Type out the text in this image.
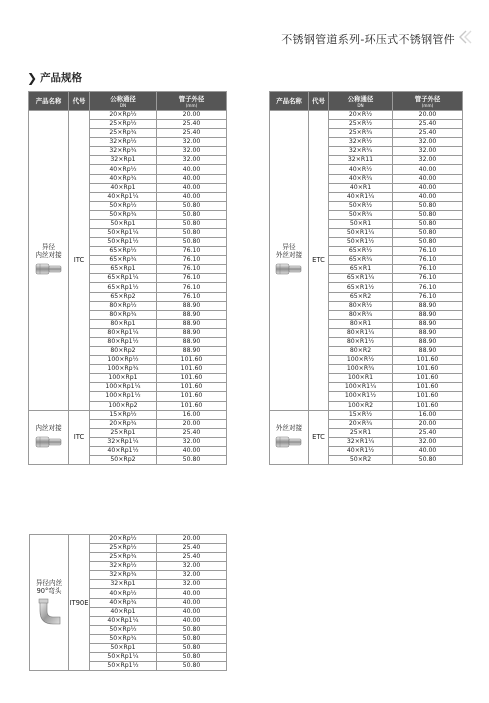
不锈钢管道系列-环压式不锈钢管件
❯ 产品规格
产品名称	代号	公称通径
DN	管子外径
(mm)

异径
内丝对接	ITC	20×Rp½	20.00
		25×Rp½	25.40
		25×Rp¾	25.40
		32×Rp½	32.00
		32×Rp¾	32.00
		32×Rp1	32.00
		40×Rp½	40.00
		40×Rp¾	40.00
		40×Rp1	40.00
		40×Rp1¼	40.00
		50×Rp½	50.80
		50×Rp¾	50.80
		50×Rp1	50.80
		50×Rp1¼	50.80
		50×Rp1½	50.80
		65×Rp½	76.10
		65×Rp¾	76.10
		65×Rp1	76.10
		65×Rp1¼	76.10
		65×Rp1½	76.10
		65×Rp2	76.10
		80×Rp½	88.90
		80×Rp¾	88.90
		80×Rp1	88.90
		80×Rp1¼	88.90
		80×Rp1½	88.90
		80×Rp2	88.90
		100×Rp½	101.60
		100×Rp¾	101.60
		100×Rp1	101.60
		100×Rp1¼	101.60
		100×Rp1½	101.60
		100×Rp2	101.60

内丝对接	ITC	15×Rp½	16.00
		20×Rp¾	20.00
		25×Rp1	25.40
		32×Rp1¼	32.00
		40×Rp1½	40.00
		50×Rp2	50.80
产品名称	代号	公称通径
DN	管子外径
(mm)

异径
外丝对接	ETC	20×R½	20.00
		25×R½	25.40
		25×R¾	25.40
		32×R½	32.00
		32×R¾	32.00
		32×R11	32.00
		40×R½	40.00
		40×R¾	40.00
		40×R1	40.00
		40×R1¼	40.00
		50×R½	50.80
		50×R¾	50.80
		50×R1	50.80
		50×R1¼	50.80
		50×R1½	50.80
		65×R½	76.10
		65×R¾	76.10
		65×R1	76.10
		65×R1¼	76.10
		65×R1½	76.10
		65×R2	76.10
		80×R½	88.90
		80×R¾	88.90
		80×R1	88.90
		80×R1¼	88.90
		80×R1½	88.90
		80×R2	88.90
		100×R½	101.60
		100×R¾	101.60
		100×R1	101.60
		100×R1¼	101.60
		100×R1½	101.60
		100×R2	101.60

外丝对接	ETC	15×R½	16.00
		20×R¾	20.00
		25×R1	25.40
		32×R1¼	32.00
		40×R1½	40.00
		50×R2	50.80
异径内丝
90°弯头	IT90E	20×Rp½	20.00
		25×Rp½	25.40
		25×Rp¾	25.40
		32×Rp½	32.00
		32×Rp¾	32.00
		32×Rp1	32.00
		40×Rp½	40.00
		40×Rp¾	40.00
		40×Rp1	40.00
		40×Rp1¼	40.00
		50×Rp½	50.80
		50×Rp¾	50.80
		50×Rp1	50.80
		50×Rp1¼	50.80
		50×Rp1½	50.80
